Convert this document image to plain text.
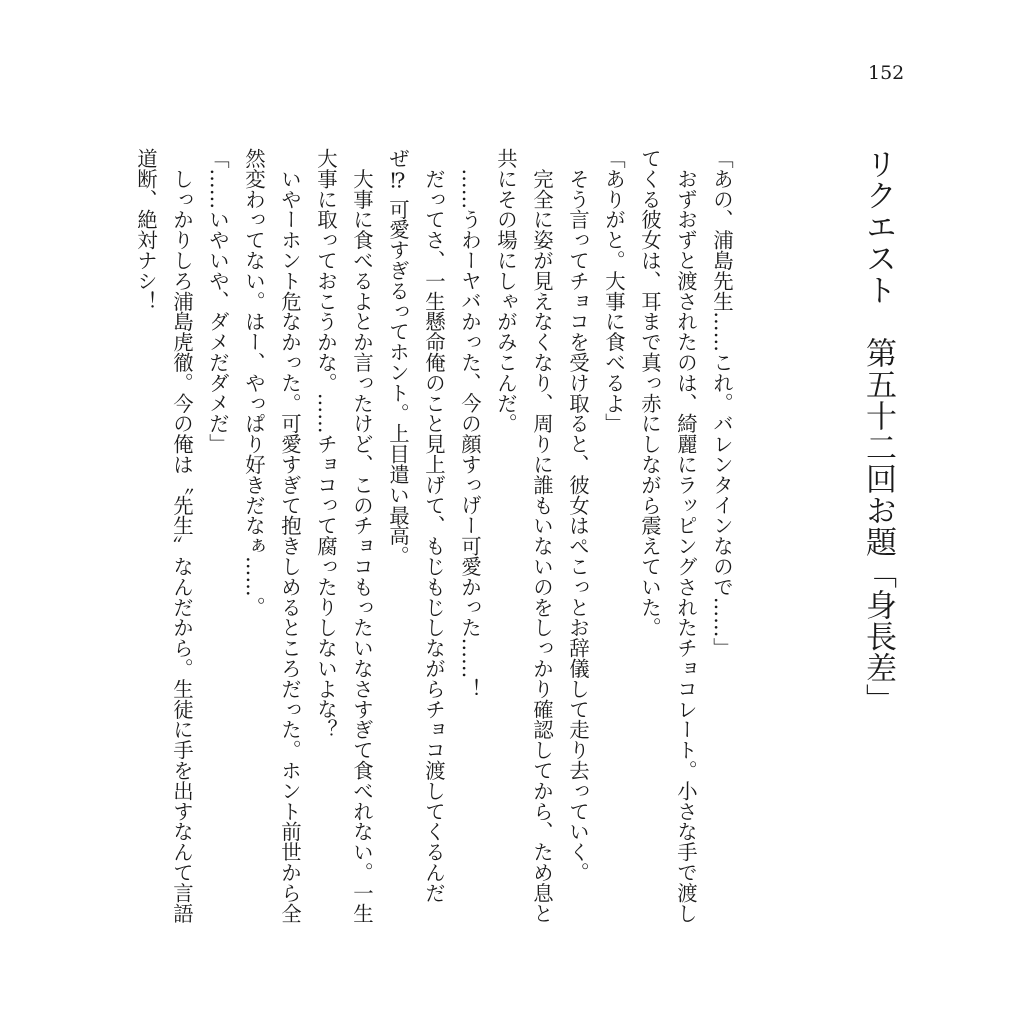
152
リクエスト　第五十二回お題「身長差」

「あの、浦島先生……これ。バレンタインなので……」

　おずおずと渡されたのは、綺麗にラッピングされたチョコレート。小さな手で渡してくる彼女は、耳まで真っ赤にしながら震えていた。

「ありがと。大事に食べるよ」

　そう言ってチョコを受け取ると、彼女はぺこっとお辞儀して走り去っていく。

　完全に姿が見えなくなり、周りに誰もいないのをしっかり確認してから、ため息と共にその場にしゃがみこんだ。

　……うわーヤバかった、今の顔すっげー可愛かった……！

　だってさ、一生懸命俺のこと見上げて、もじもじしながらチョコ渡してくるんだぜ⁉ 可愛すぎるってホント。上目遣い最高。

　大事に食べるよとか言ったけど、このチョコもったいなさすぎて食べれない。一生大事に取っておこうかな。……チョコって腐ったりしないよな？

　いやーホント危なかった。可愛すぎて抱きしめるところだった。ホント前世から全然変わってない。はー、やっぱり好きだなぁ……。

「……いやいや、ダメだダメだ」

　しっかりしろ浦島虎徹。今の俺は〝先生〟なんだから。生徒に手を出すなんて言語道断、絶対ナシ！
